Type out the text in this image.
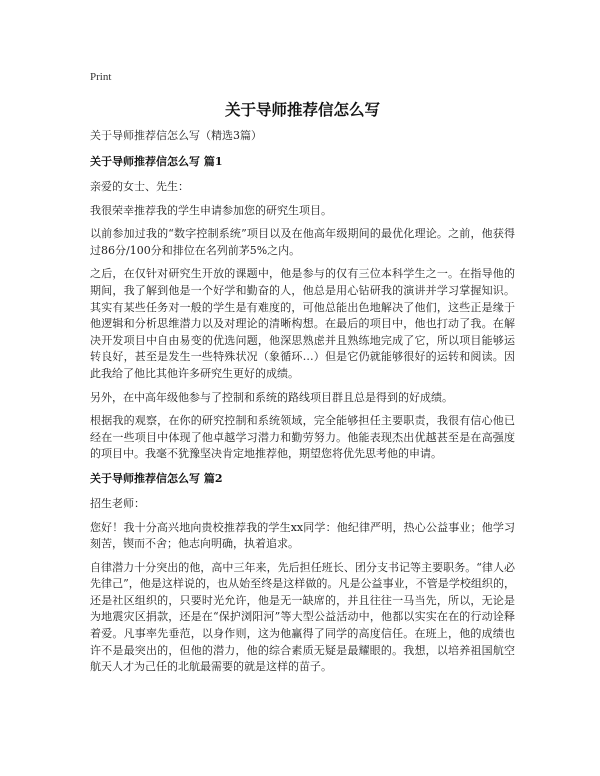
Print
关于导师推荐信怎么写
关于导师推荐信怎么写（精选3篇）
关于导师推荐信怎么写 篇1

亲爱的女士、先生：

我很荣幸推荐我的学生申请参加您的研究生项目。

以前参加过我的“数字控制系统”项目以及在他高年级期间的最优化理论。之前，他获得过86分/100分和排位在名列前茅5%之内。

之后，在仅针对研究生开放的课题中，他是参与的仅有三位本科学生之一。在指导他的期间，我了解到他是一个好学和勤奋的人，他总是用心钻研我的演讲并学习掌握知识。其实有某些任务对一般的学生是有难度的，可他总能出色地解决了他们，这些正是缘于他逻辑和分析思维潜力以及对理论的清晰构想。在最后的项目中，他也打动了我。在解决开发项目中自由易变的优选问题，他深思熟虑并且熟练地完成了它，所以项目能够运转良好，甚至是发生一些特殊状况（象循环…）但是它仍就能够很好的运转和阅读。因此我给了他比其他许多研究生更好的成绩。

另外，在中高年级他参与了控制和系统的路线项目群且总是得到的好成绩。

根据我的观察，在你的研究控制和系统领域，完全能够担任主要职责，我很有信心他已经在一些项目中体现了他卓越学习潜力和勤劳努力。他能表现杰出优越甚至是在高强度的项目中。我毫不犹豫坚决肯定地推荐他，期望您将优先思考他的申请。

关于导师推荐信怎么写 篇2

招生老师：

您好！我十分高兴地向贵校推荐我的学生xx同学：他纪律严明，热心公益事业；他学习刻苦，锲而不舍；他志向明确，执着追求。

自律潜力十分突出的他，高中三年来，先后担任班长、团分支书记等主要职务。“律人必先律己”，他是这样说的，也从始至终是这样做的。凡是公益事业，不管是学校组织的，还是社区组织的，只要时光允许，他是无一缺席的，并且往往一马当先，所以，无论是为地震灾区捐款，还是在“保护浏阳河”等大型公益活动中，他都以实实在在的行动诠释着爱。凡事率先垂范，以身作则，这为他赢得了同学的高度信任。在班上，他的成绩也许不是最突出的，但他的潜力，他的综合素质无疑是最耀眼的。我想，以培养祖国航空航天人才为己任的北航最需要的就是这样的苗子。
